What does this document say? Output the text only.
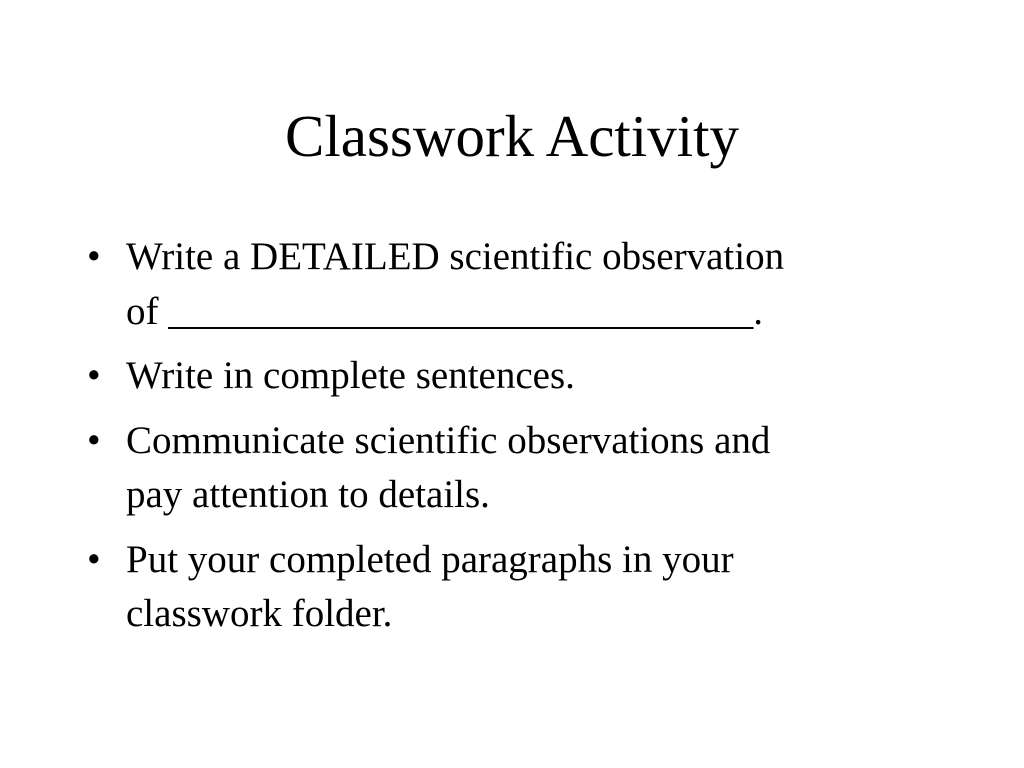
Classwork Activity
• Write a DETAILED scientific observation
of ______________________________.
• Write in complete sentences.
• Communicate scientific observations and
pay attention to details.
• Put your completed paragraphs in your
classwork folder.
